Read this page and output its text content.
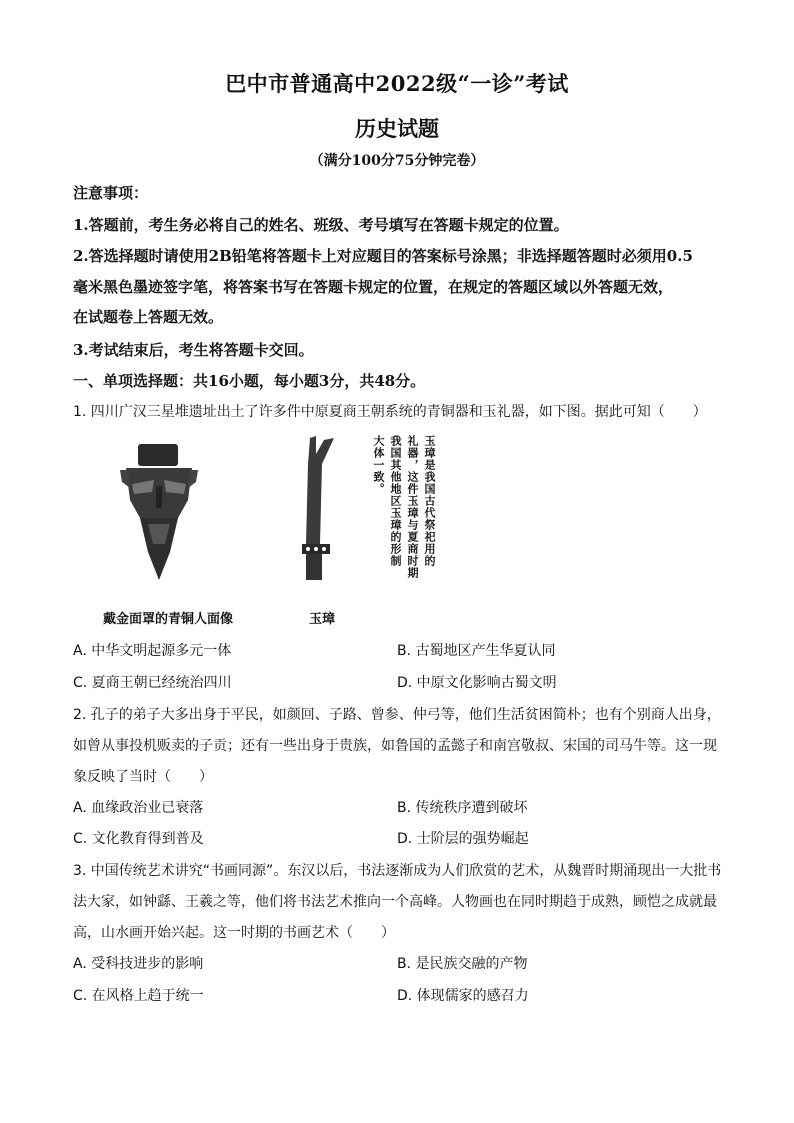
巴中市普通高中2022级“一诊”考试
历史试题
（满分100分75分钟完卷）
注意事项：
1.答题前，考生务必将自己的姓名、班级、考号填写在答题卡规定的位置。
2.答选择题时请使用2B铅笔将答题卡上对应题目的答案标号涂黑；非选择题答题时必须用0.5
毫米黑色墨迹签字笔，将答案书写在答题卡规定的位置，在规定的答题区域以外答题无效，
在试题卷上答题无效。
3.考试结束后，考生将答题卡交回。
一、单项选择题：共16小题，每小题3分，共48分。
1. 四川广汉三星堆遗址出土了许多件中原夏商王朝系统的青铜器和玉礼器，如下图。据此可知（　　）
玉璋是我国古代祭祀用的
礼器，这件玉璋与夏商时期
我国其他地区玉璋的形制
大体一致。
戴金面罩的青铜人面像	玉璋
A. 中华文明起源多元一体	B. 古蜀地区产生华夏认同
C. 夏商王朝已经统治四川	D. 中原文化影响古蜀文明
2. 孔子的弟子大多出身于平民，如颜回、子路、曾参、仲弓等，他们生活贫困简朴；也有个别商人出身，
如曾从事投机贩卖的子贡；还有一些出身于贵族，如鲁国的孟懿子和南宫敬叔、宋国的司马牛等。这一现
象反映了当时（　　）
A. 血缘政治业已衰落	B. 传统秩序遭到破坏
C. 文化教育得到普及	D. 士阶层的强势崛起
3. 中国传统艺术讲究“书画同源”。东汉以后，书法逐渐成为人们欣赏的艺术，从魏晋时期涌现出一大批书
法大家，如钟繇、王羲之等，他们将书法艺术推向一个高峰。人物画也在同时期趋于成熟，顾恺之成就最
高，山水画开始兴起。这一时期的书画艺术（　　）
A. 受科技进步的影响	B. 是民族交融的产物
C. 在风格上趋于统一	D. 体现儒家的感召力
